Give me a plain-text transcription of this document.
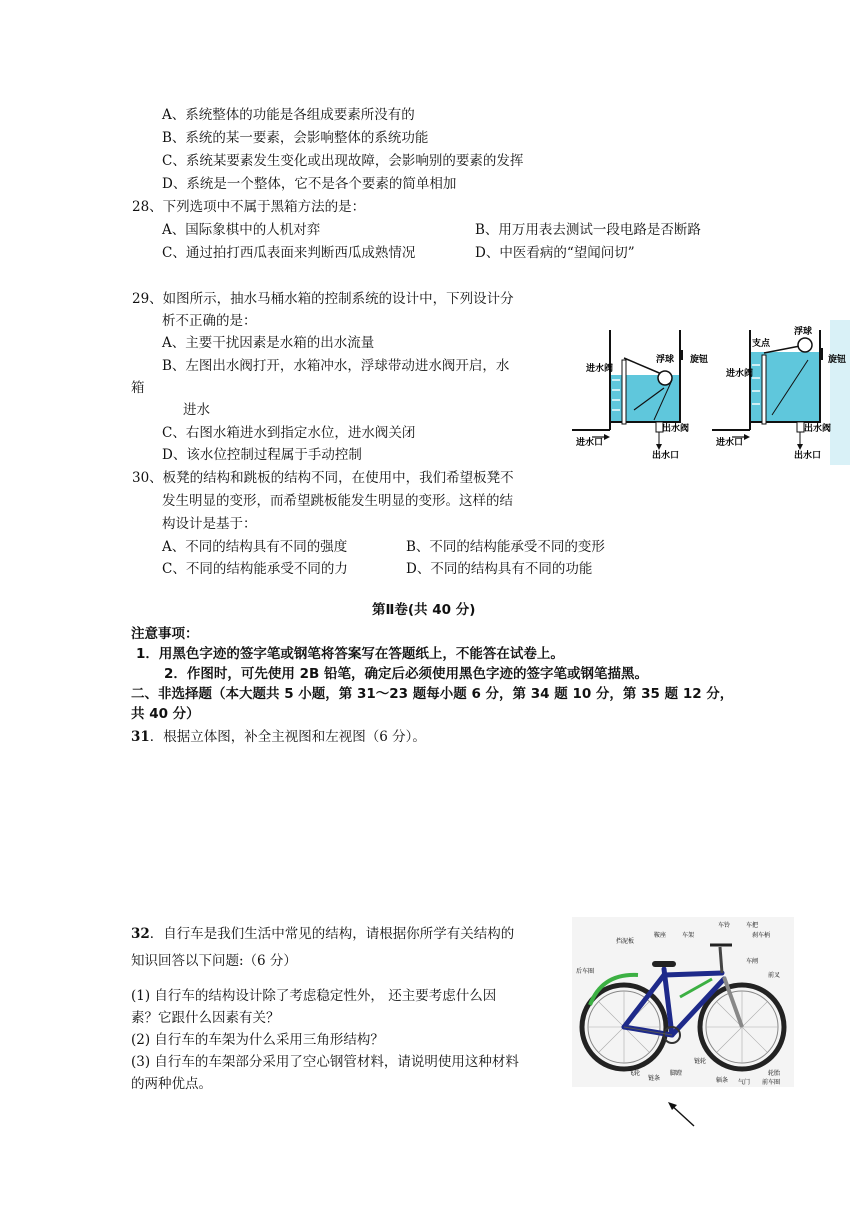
A、系统整体的功能是各组成要素所没有的
B、系统的某一要素，会影响整体的系统功能
C、系统某要素发生变化或出现故障，会影响别的要素的发挥
D、系统是一个整体，它不是各个要素的简单相加
28、下列选项中不属于黑箱方法的是：
A、国际象棋中的人机对弈	B、用万用表去测试一段电路是否断路
C、通过拍打西瓜表面来判断西瓜成熟情况	D、中医看病的“望闻问切”
29、如图所示，抽水马桶水箱的控制系统的设计中，下列设计分
析不正确的是：
A、主要干扰因素是水箱的出水流量
B、左图出水阀打开，水箱冲水，浮球带动进水阀开启，水
箱
进水
C、右图水箱进水到指定水位，进水阀关闭
D、该水位控制过程属于手动控制
进水阀
浮球 旋钮
出水阀
进水口
出水口
支点
浮球
进水阀
旋钮
出水阀
进水口
出水口
30、板凳的结构和跳板的结构不同，在使用中，我们希望板凳不
发生明显的变形，而希望跳板能发生明显的变形。这样的结
构设计是基于：
A、不同的结构具有不同的强度	B、不同的结构能承受不同的变形
C、不同的结构能承受不同的力	D、不同的结构具有不同的功能
第Ⅱ卷(共 40 分)
注意事项：
1．用黑色字迹的签字笔或钢笔将答案写在答题纸上，不能答在试卷上。
2．作图时，可先使用 2B 铅笔，确定后必须使用黑色字迹的签字笔或钢笔描黑。
二、非选择题（本大题共 5 小题，第 31～23 题每小题 6 分，第 34 题 10 分，第 35 题 12 分，
共 40 分）
31．根据立体图，补全主视图和左视图（6 分）。
32．自行车是我们生活中常见的结构，请根据你所学有关结构的
知识回答以下问题:（6 分）
(1) 自行车的结构设计除了考虑稳定性外， 还主要考虑什么因
素？它跟什么因素有关？
(2) 自行车的车架为什么采用三角形结构？
(3) 自行车的车架部分采用了空心钢管材料，请说明使用这种材料
的两种优点。
车铃	车把
刹车柄
挡泥板
鞍座	车架
后车圈
车闸
前叉
飞轮
链条
脚蹬
链轮
辐条 气门 前车圈
轮胎
